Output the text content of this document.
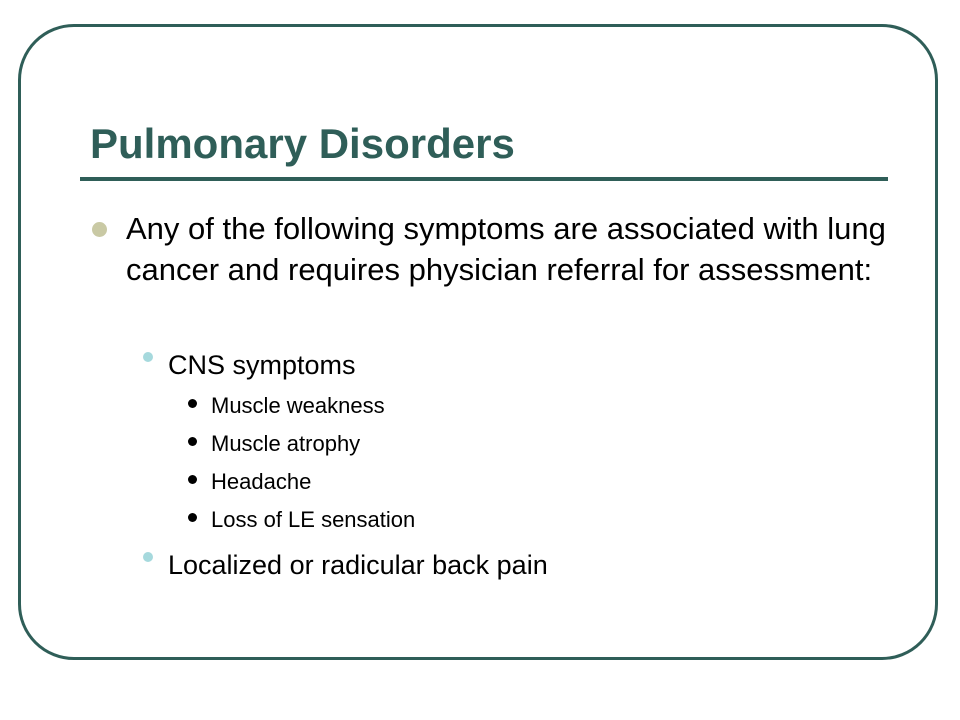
Pulmonary Disorders
Any of the following symptoms are associated with lung cancer and requires physician referral for assessment:
CNS symptoms
Muscle weakness
Muscle atrophy
Headache
Loss of LE sensation
Localized or radicular back pain
